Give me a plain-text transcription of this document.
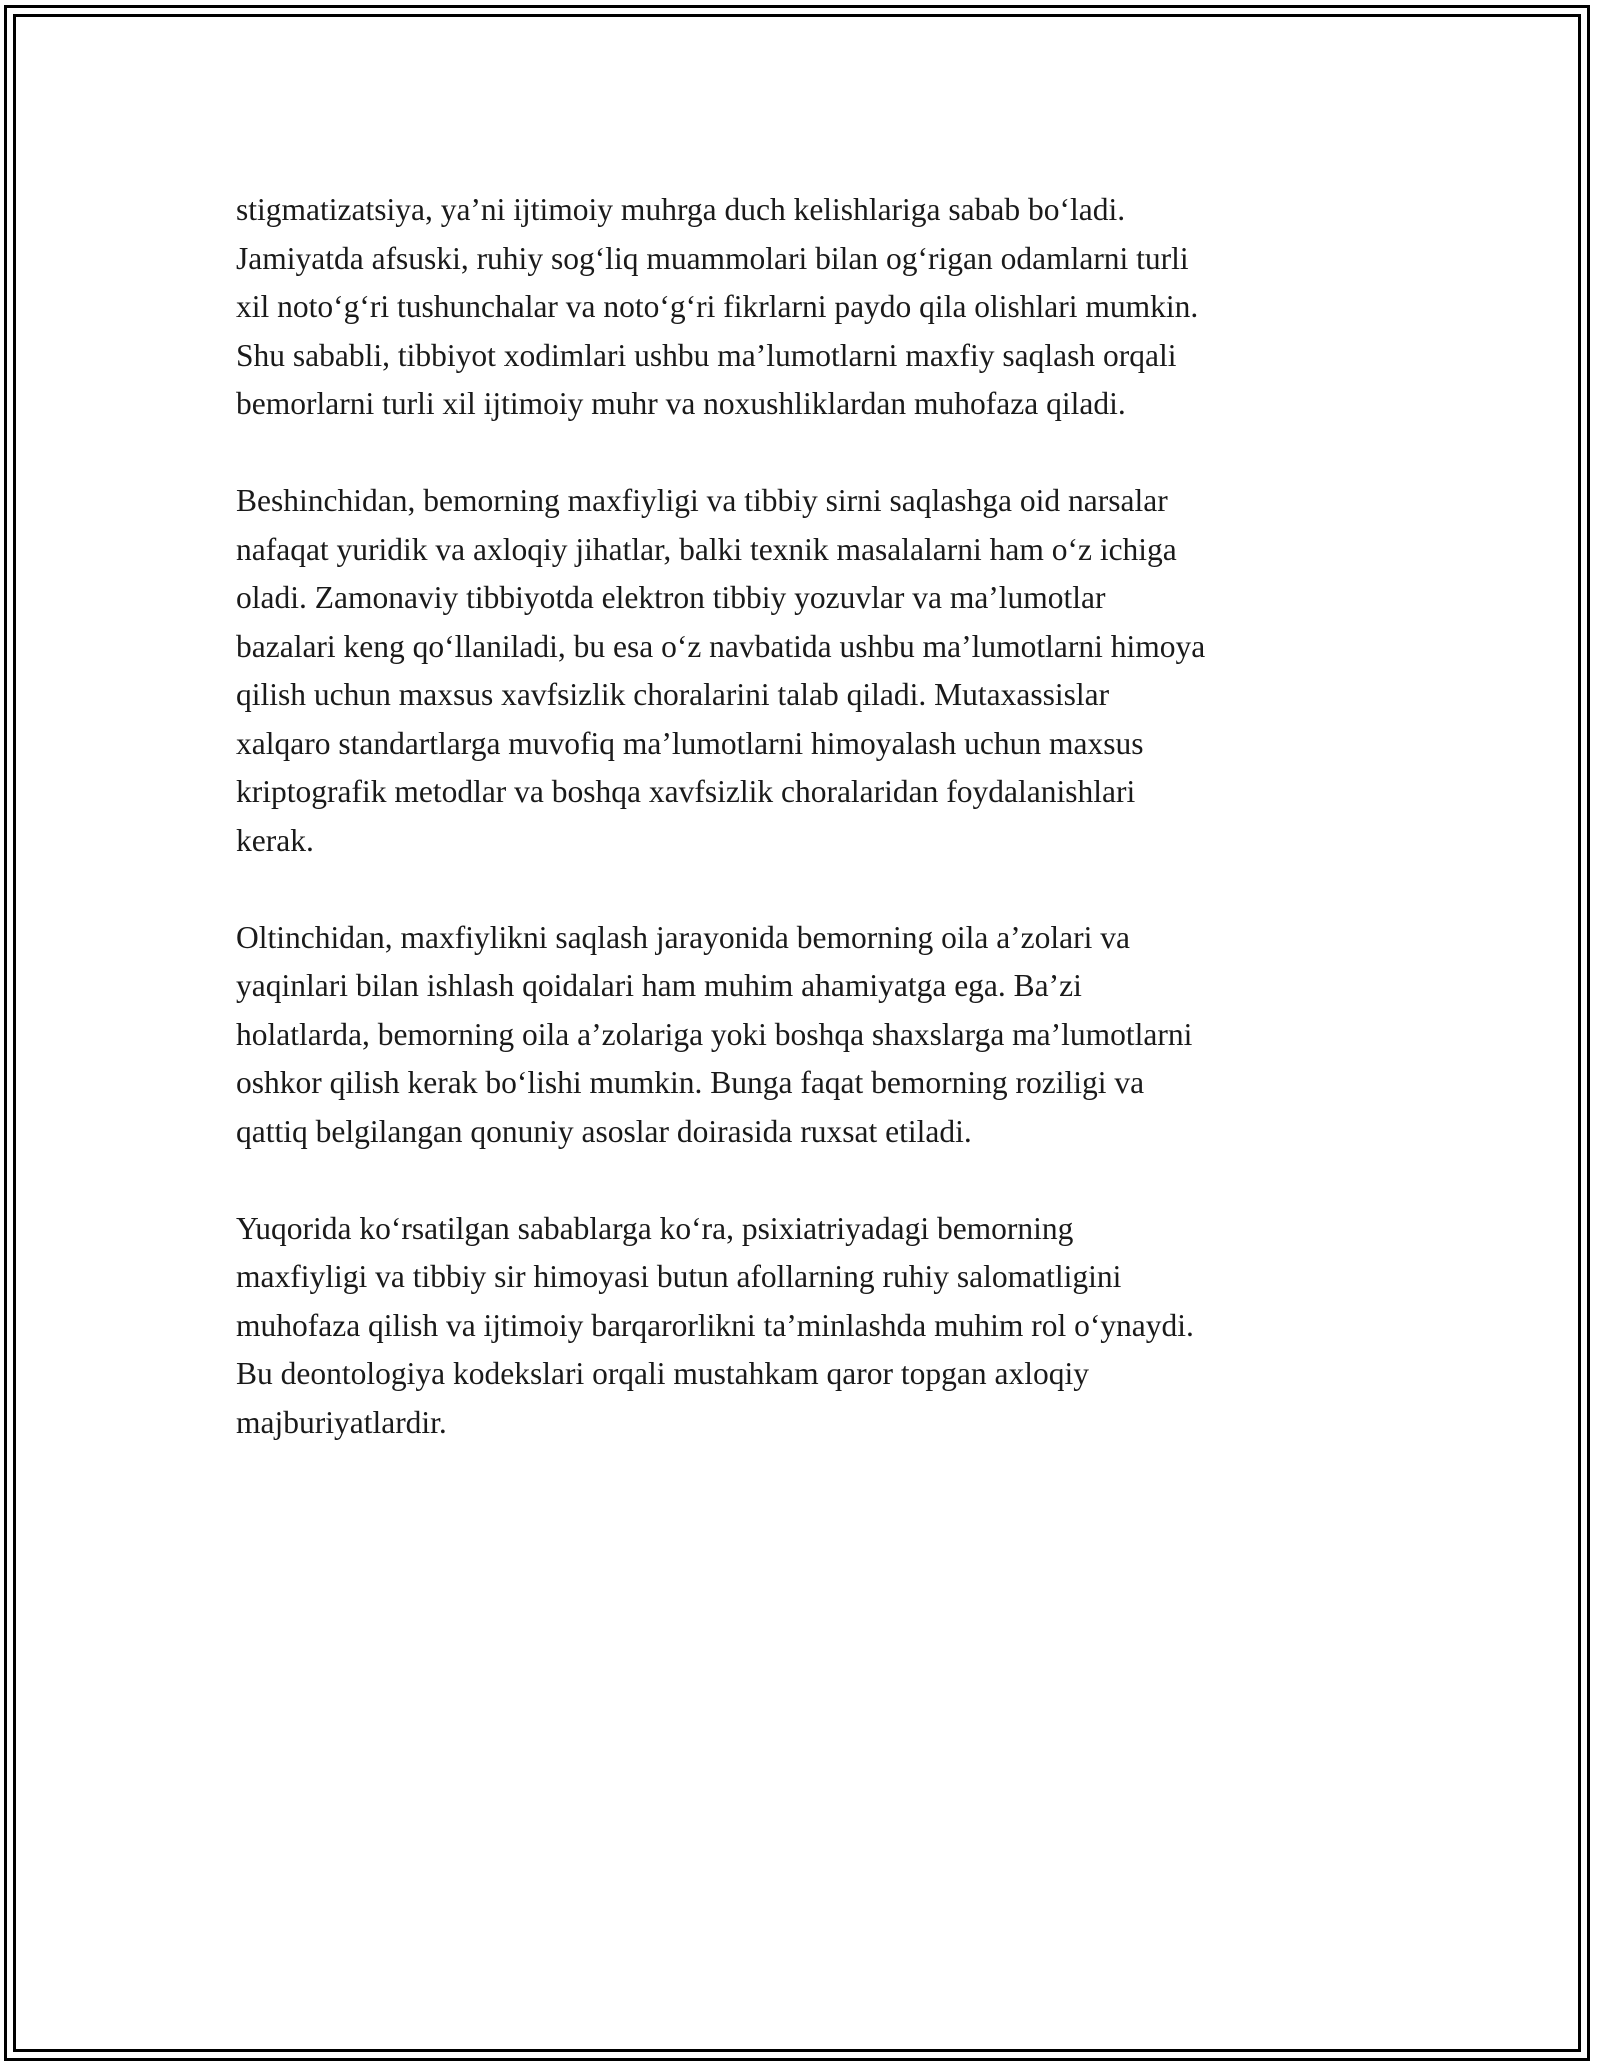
stigmatizatsiya, ya’ni ijtimoiy muhrga duch kelishlariga sabab bo‘ladi.
Jamiyatda afsuski, ruhiy sog‘liq muammolari bilan og‘rigan odamlarni turli
xil noto‘g‘ri tushunchalar va noto‘g‘ri fikrlarni paydo qila olishlari mumkin.
Shu sababli, tibbiyot xodimlari ushbu ma’lumotlarni maxfiy saqlash orqali
bemorlarni turli xil ijtimoiy muhr va noxushliklardan muhofaza qiladi.

Beshinchidan, bemorning maxfiyligi va tibbiy sirni saqlashga oid narsalar
nafaqat yuridik va axloqiy jihatlar, balki texnik masalalarni ham o‘z ichiga
oladi. Zamonaviy tibbiyotda elektron tibbiy yozuvlar va ma’lumotlar
bazalari keng qo‘llaniladi, bu esa o‘z navbatida ushbu ma’lumotlarni himoya
qilish uchun maxsus xavfsizlik choralarini talab qiladi. Mutaxassislar
xalqaro standartlarga muvofiq ma’lumotlarni himoyalash uchun maxsus
kriptografik metodlar va boshqa xavfsizlik choralaridan foydalanishlari
kerak.

Oltinchidan, maxfiylikni saqlash jarayonida bemorning oila a’zolari va
yaqinlari bilan ishlash qoidalari ham muhim ahamiyatga ega. Ba’zi
holatlarda, bemorning oila a’zolariga yoki boshqa shaxslarga ma’lumotlarni
oshkor qilish kerak bo‘lishi mumkin. Bunga faqat bemorning roziligi va
qattiq belgilangan qonuniy asoslar doirasida ruxsat etiladi.

Yuqorida ko‘rsatilgan sabablarga ko‘ra, psixiatriyadagi bemorning
maxfiyligi va tibbiy sir himoyasi butun afollarning ruhiy salomatligini
muhofaza qilish va ijtimoiy barqarorlikni ta’minlashda muhim rol o‘ynaydi.
Bu deontologiya kodekslari orqali mustahkam qaror topgan axloqiy
majburiyatlardir.
